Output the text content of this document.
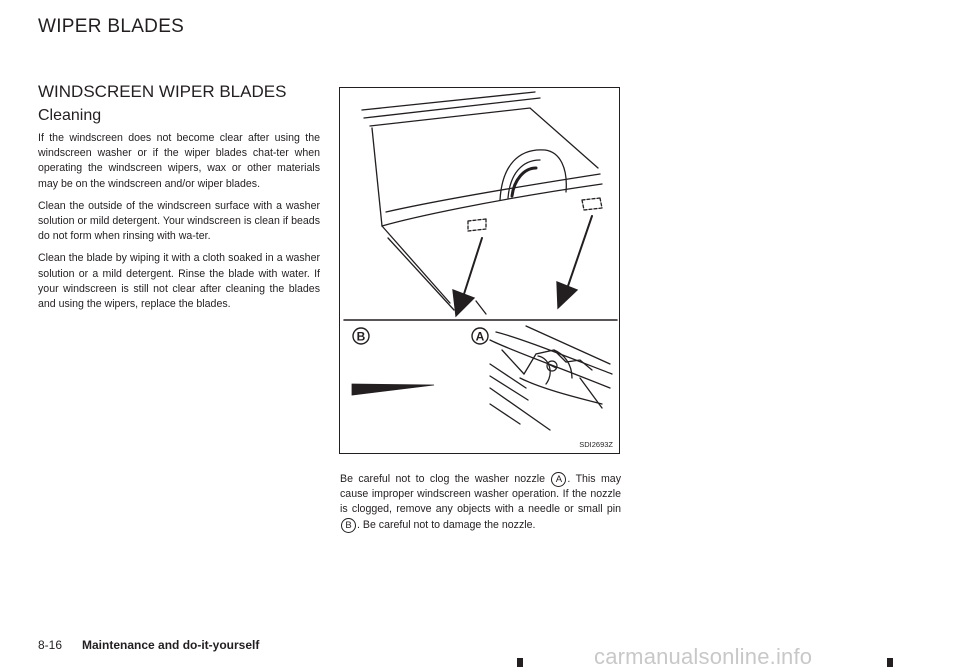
WIPER BLADES
WINDSCREEN WIPER BLADES
Cleaning

If the windscreen does not become clear after using the windscreen washer or if the wiper blades chat-ter when operating the windscreen wipers, wax or other materials may be on the windscreen and/or wiper blades.

Clean the outside of the windscreen surface with a washer solution or mild detergent. Your windscreen is clean if beads do not form when rinsing with wa-ter.

Clean the blade by wiping it with a cloth soaked in a washer solution or a mild detergent. Rinse the blade with water. If your windscreen is still not clear after cleaning the blades and using the wipers, replace the blades.

B	A
SDI2693Z
Be careful not to clog the washer nozzle A . This may cause improper windscreen washer operation. If the nozzle is clogged, remove any objects with a needle or small pin B . Be careful not to damage the nozzle.
8-16 Maintenance and do-it-yourself	carmanualsonline.info
